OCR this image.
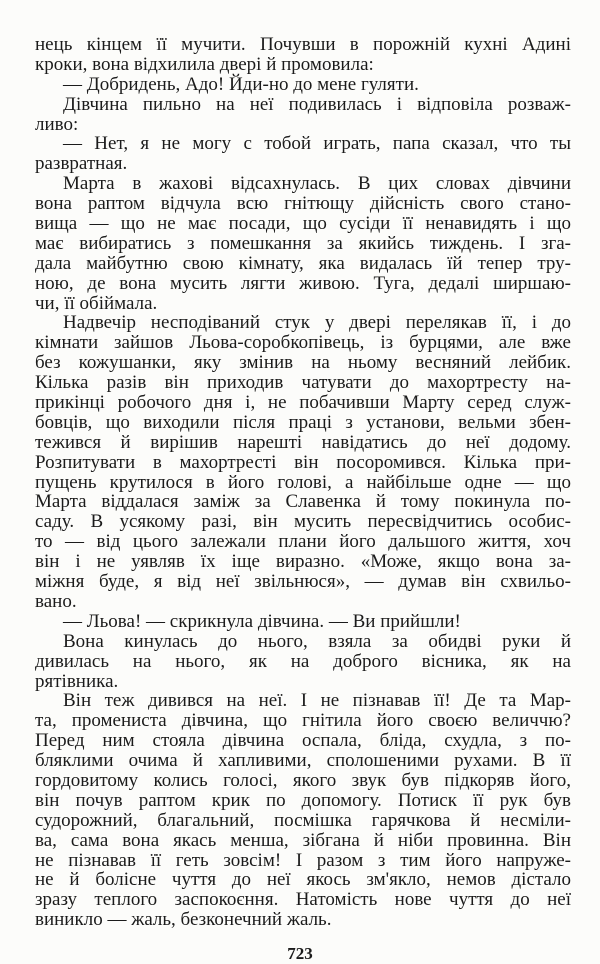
нець кінцем її мучити. Почувши в порожній кухні Адині
кроки, вона відхилила двері й промовила:
— Добридень, Адо! Йди-но до мене гуляти.
Дівчина пильно на неї подивилась і відповіла розваж-
ливо:
— Нет, я не могу с тобой играть, папа сказал, что ты
развратная.
Марта в жахові відсахнулась. В цих словах дівчини
вона раптом відчула всю гнітющу дійсність свого стано-
вища — що не має посади, що сусіди її ненавидять і що
має вибиратись з помешкання за якийсь тиждень. І зга-
дала майбутню свою кімнату, яка видалась їй тепер тру-
ною, де вона мусить лягти живою. Туга, дедалі ширшаю-
чи, її обіймала.
Надвечір несподіваний стук у двері перелякав її, і до
кімнати зайшов Льова-соробкопівець, із бурцями, але вже
без кожушанки, яку змінив на ньому весняний лейбик.
Кілька разів він приходив чатувати до махортресту на-
прикінці робочого дня і, не побачивши Марту серед служ-
бовців, що виходили після праці з установи, вельми збен-
тежився й вирішив нарешті навідатись до неї додому.
Розпитувати в махортресті він посоромився. Кілька при-
пущень крутилося в його голові, а найбільше одне — що
Марта віддалася заміж за Славенка й тому покинула по-
саду. В усякому разі, він мусить пересвідчитись особис-
то — від цього залежали плани його дальшого життя, хоч
він і не уявляв їх іще виразно. «Може, якщо вона за-
міжня буде, я від неї звільнюся», — думав він схвильо-
вано.
— Льова! — скрикнула дівчина. — Ви прийшли!
Вона кинулась до нього, взяла за обидві руки й
дивилась на нього, як на доброго вісника, як на
рятівника.
Він теж дивився на неї. І не пізнавав її! Де та Мар-
та, промениста дівчина, що гнітила його своєю величчю?
Перед ним стояла дівчина оспала, бліда, схудла, з по-
бляклими очима й хапливими, сполошеними рухами. В її
гордовитому колись голосі, якого звук був підкоряв його,
він почув раптом крик по допомогу. Потиск її рук був
судорожний, благальний, посмішка гарячкова й несміли-
ва, сама вона якась менша, зібгана й ніби провинна. Він
не пізнавав її геть зовсім! І разом з тим його напруже-
не й болісне чуття до неї якось зм'якло, немов дістало
зразу теплого заспокоєння. Натомість нове чуття до неї
виникло — жаль, безконечний жаль.
723
